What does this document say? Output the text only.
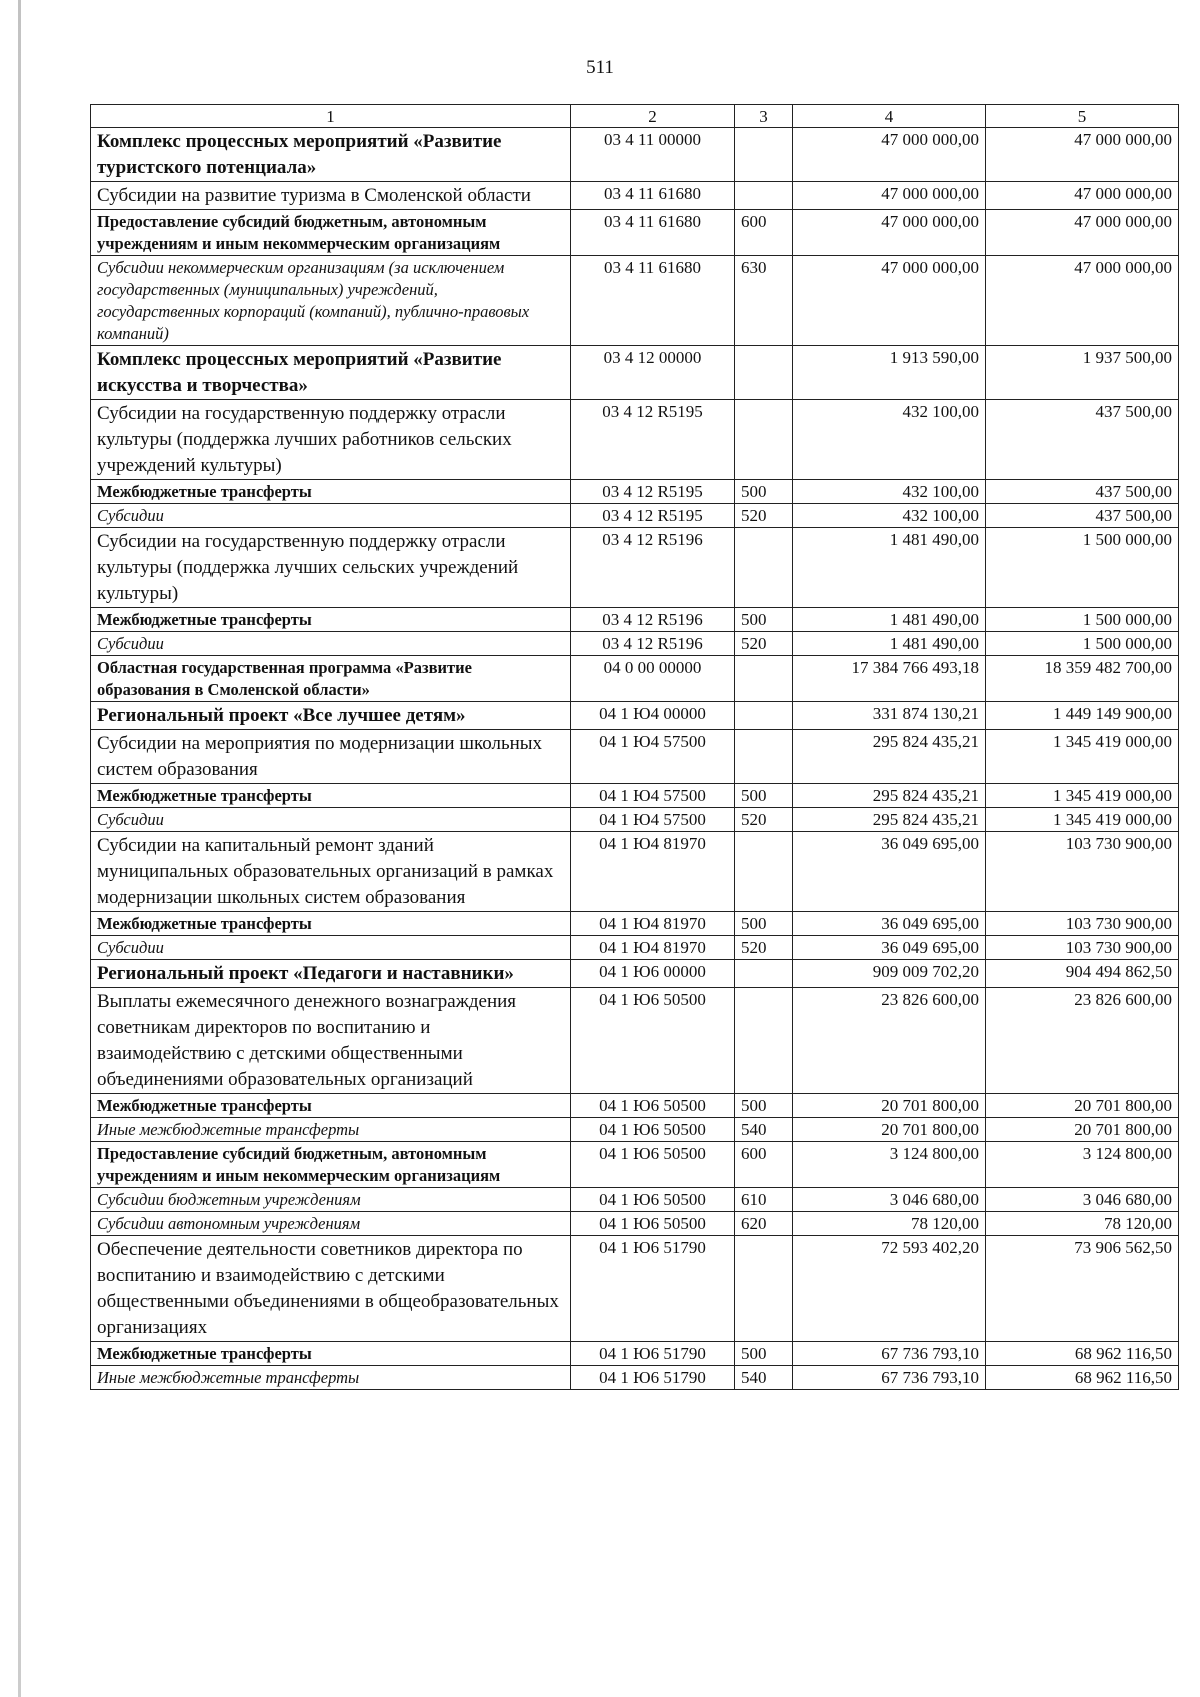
511
1	2	3	4	5
Комплекс процессных мероприятий «Развитие туристского потенциала»	03 4 11 00000		47 000 000,00	47 000 000,00
Субсидии на развитие туризма в Смоленской области	03 4 11 61680		47 000 000,00	47 000 000,00
Предоставление субсидий бюджетным, автономным учреждениям и иным некоммерческим организациям	03 4 11 61680	600	47 000 000,00	47 000 000,00
Субсидии некоммерческим организациям (за исключением государственных (муниципальных) учреждений, государственных корпораций (компаний), публично-правовых компаний)	03 4 11 61680	630	47 000 000,00	47 000 000,00
Комплекс процессных мероприятий «Развитие искусства и творчества»	03 4 12 00000		1 913 590,00	1 937 500,00
Субсидии на государственную поддержку отрасли культуры (поддержка лучших работников сельских учреждений культуры)	03 4 12 R5195		432 100,00	437 500,00
Межбюджетные трансферты	03 4 12 R5195	500	432 100,00	437 500,00
Субсидии	03 4 12 R5195	520	432 100,00	437 500,00
Субсидии на государственную поддержку отрасли культуры (поддержка лучших сельских учреждений культуры)	03 4 12 R5196		1 481 490,00	1 500 000,00
Межбюджетные трансферты	03 4 12 R5196	500	1 481 490,00	1 500 000,00
Субсидии	03 4 12 R5196	520	1 481 490,00	1 500 000,00
Областная государственная программа «Развитие образования в Смоленской области»	04 0 00 00000		17 384 766 493,18	18 359 482 700,00
Региональный проект «Все лучшее детям»	04 1 Ю4 00000		331 874 130,21	1 449 149 900,00
Субсидии на мероприятия по модернизации школьных систем образования	04 1 Ю4 57500		295 824 435,21	1 345 419 000,00
Межбюджетные трансферты	04 1 Ю4 57500	500	295 824 435,21	1 345 419 000,00
Субсидии	04 1 Ю4 57500	520	295 824 435,21	1 345 419 000,00
Субсидии на капитальный ремонт зданий муниципальных образовательных организаций в рамках модернизации школьных систем образования	04 1 Ю4 81970		36 049 695,00	103 730 900,00
Межбюджетные трансферты	04 1 Ю4 81970	500	36 049 695,00	103 730 900,00
Субсидии	04 1 Ю4 81970	520	36 049 695,00	103 730 900,00
Региональный проект «Педагоги и наставники»	04 1 Ю6 00000		909 009 702,20	904 494 862,50
Выплаты ежемесячного денежного вознаграждения советникам директоров по воспитанию и взаимодействию с детскими общественными объединениями образовательных организаций	04 1 Ю6 50500		23 826 600,00	23 826 600,00
Межбюджетные трансферты	04 1 Ю6 50500	500	20 701 800,00	20 701 800,00
Иные межбюджетные трансферты	04 1 Ю6 50500	540	20 701 800,00	20 701 800,00
Предоставление субсидий бюджетным, автономным учреждениям и иным некоммерческим организациям	04 1 Ю6 50500	600	3 124 800,00	3 124 800,00
Субсидии бюджетным учреждениям	04 1 Ю6 50500	610	3 046 680,00	3 046 680,00
Субсидии автономным учреждениям	04 1 Ю6 50500	620	78 120,00	78 120,00
Обеспечение деятельности советников директора по воспитанию и взаимодействию с детскими общественными объединениями в общеобразовательных организациях	04 1 Ю6 51790		72 593 402,20	73 906 562,50
Межбюджетные трансферты	04 1 Ю6 51790	500	67 736 793,10	68 962 116,50
Иные межбюджетные трансферты	04 1 Ю6 51790	540	67 736 793,10	68 962 116,50
